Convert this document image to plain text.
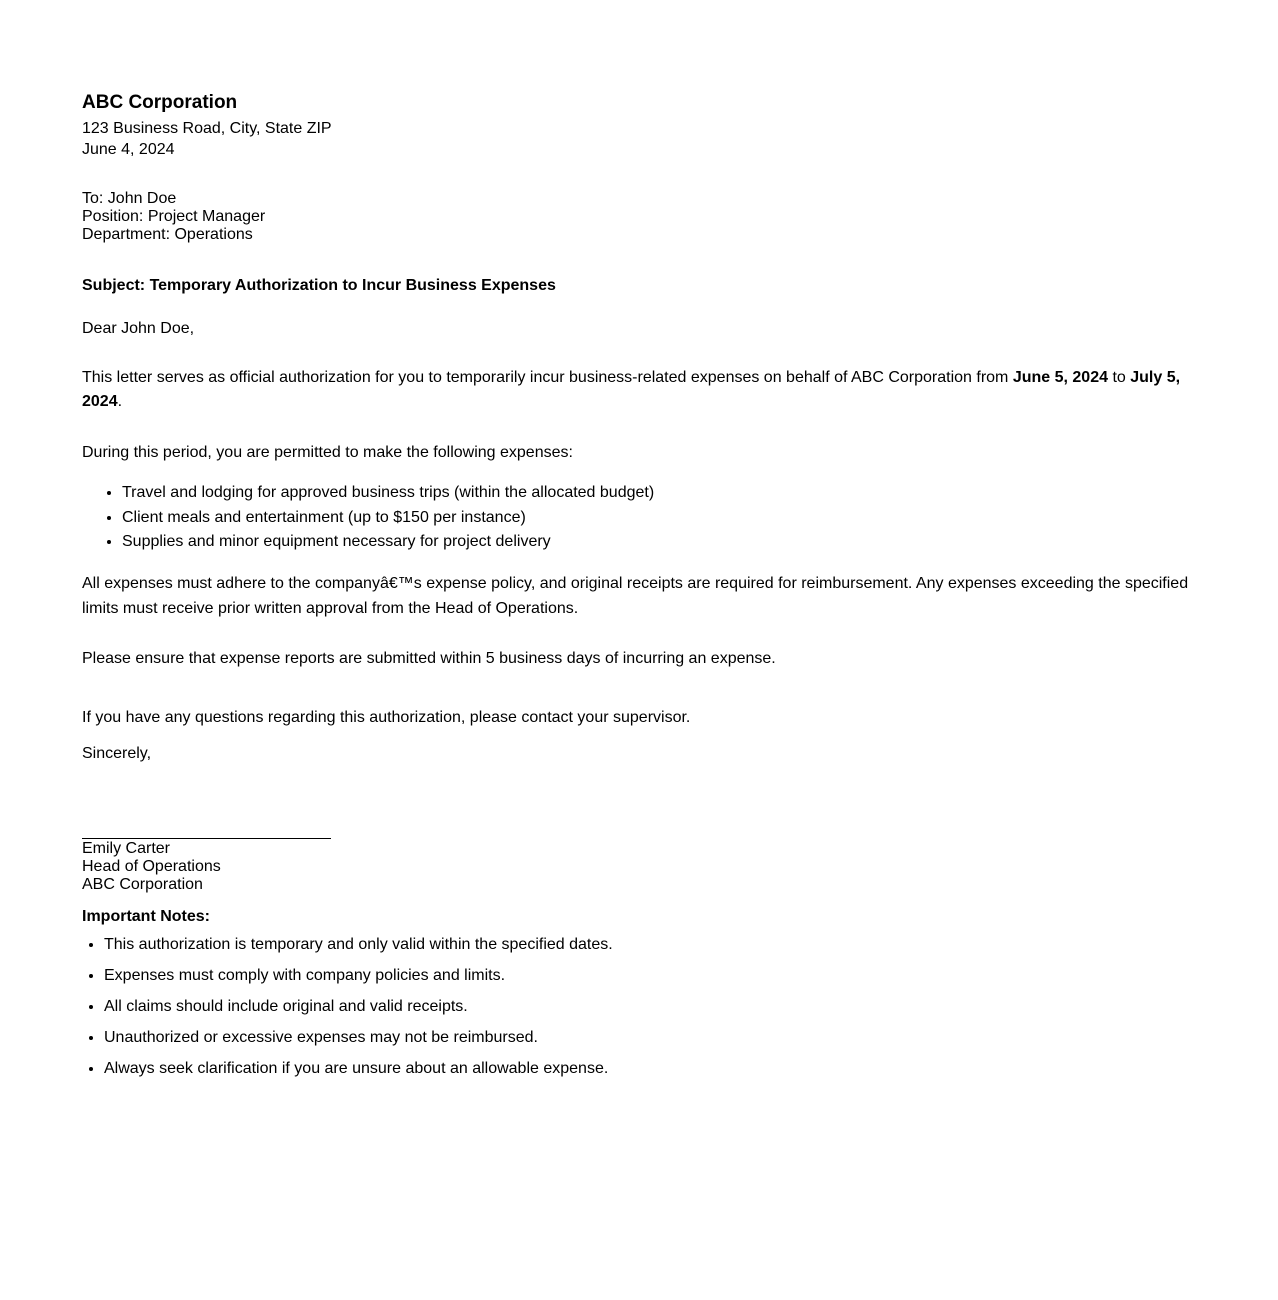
ABC Corporation
123 Business Road, City, State ZIP
June 4, 2024
To: John Doe
Position: Project Manager
Department: Operations
Subject: Temporary Authorization to Incur Business Expenses
Dear John Doe,
This letter serves as official authorization for you to temporarily incur business-related expenses on behalf of ABC Corporation from June 5, 2024 to July 5, 2024.
During this period, you are permitted to make the following expenses:
• Travel and lodging for approved business trips (within the allocated budget)
• Client meals and entertainment (up to $150 per instance)
• Supplies and minor equipment necessary for project delivery
All expenses must adhere to the companyâ€™s expense policy, and original receipts are required for reimbursement. Any expenses exceeding the specified limits must receive prior written approval from the Head of Operations.
Please ensure that expense reports are submitted within 5 business days of incurring an expense.
If you have any questions regarding this authorization, please contact your supervisor.
Sincerely,
Emily Carter
Head of Operations
ABC Corporation
Important Notes:
• This authorization is temporary and only valid within the specified dates.
• Expenses must comply with company policies and limits.
• All claims should include original and valid receipts.
• Unauthorized or excessive expenses may not be reimbursed.
• Always seek clarification if you are unsure about an allowable expense.
